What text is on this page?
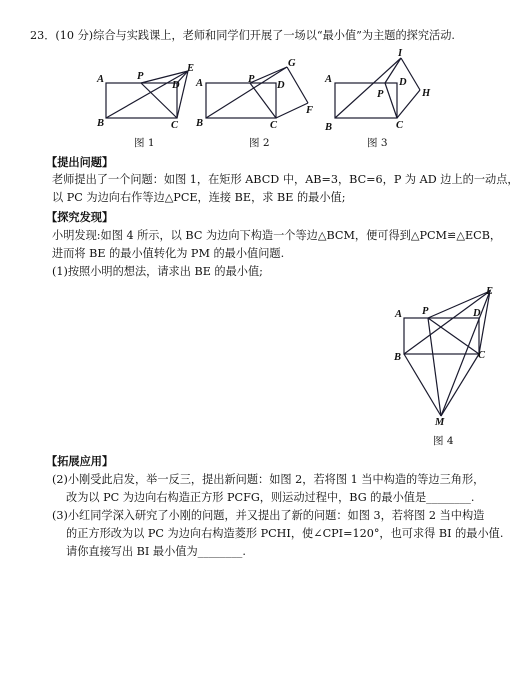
23．(10 分)综合与实践课上，老师和同学们开展了一场以“最小值”为主题的探究活动.
A	P
E
D
B	C
图 1
A	P
G
D
F
B	C
图 2
I
A	D
P	H
B	C
图 3
【提出问题】
老师提出了一个问题：如图 1，在矩形 ABCD 中，AB=3，BC=6，P 为 AD 边上的一动点，
以 PC 为边向右作等边△PCE，连接 BE，求 BE 的最小值;
【探究发现】
小明发现:如图 4 所示，以 BC 为边向下构造一个等边△BCM，便可得到△PCM≌△ECB，
进而将 BE 的最小值转化为 PM 的最小值问题.
(1)按照小明的想法，请求出 BE 的最小值;
E
A P	D
B	C
M
图 4
【拓展应用】
(2)小刚受此启发，举一反三，提出新问题：如图 2，若将图 1 当中构造的等边三角形，
改为以 PC 为边向右构造正方形 PCFG，则运动过程中，BG 的最小值是________.
(3)小红同学深入研究了小刚的问题，并又提出了新的问题：如图 3，若将图 2 当中构造
的正方形改为以 PC 为边向右构造菱形 PCHI，使∠CPI=120°，也可求得 BI 的最小值.
请你直接写出 BI 最小值为________.
